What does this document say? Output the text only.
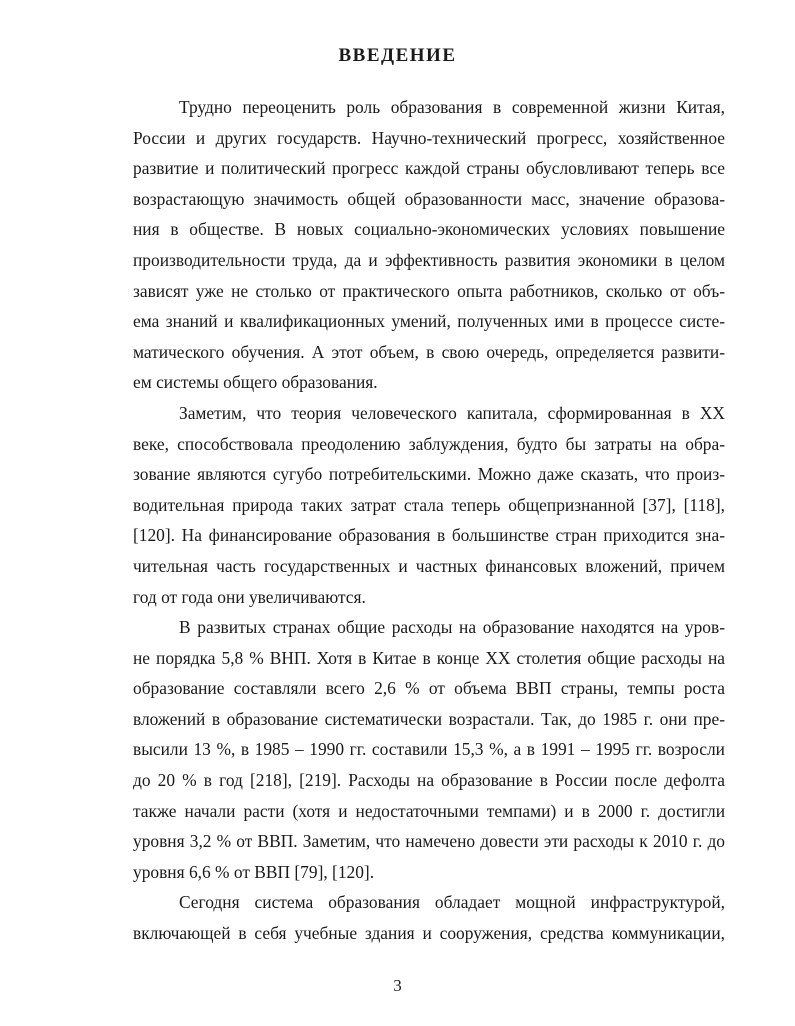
ВВЕДЕНИЕ
Трудно переоценить роль образования в современной жизни Китая,
России и других государств. Научно-технический прогресс, хозяйственное
развитие и политический прогресс каждой страны обусловливают теперь все
возрастающую значимость общей образованности масс, значение образова-
ния в обществе. В новых социально-экономических условиях повышение
производительности труда, да и эффективность развития экономики в целом
зависят уже не столько от практического опыта работников, сколько от объ-
ема знаний и квалификационных умений, полученных ими в процессе систе-
матического обучения. А этот объем, в свою очередь, определяется развити-
ем системы общего образования.
Заметим, что теория человеческого капитала, сформированная в XX
веке, способствовала преодолению заблуждения, будто бы затраты на обра-
зование являются сугубо потребительскими. Можно даже сказать, что произ-
водительная природа таких затрат стала теперь общепризнанной [37], [118],
[120]. На финансирование образования в большинстве стран приходится зна-
чительная часть государственных и частных финансовых вложений, причем
год от года они увеличиваются.
В развитых странах общие расходы на образование находятся на уров-
не порядка 5,8 % ВНП. Хотя в Китае в конце XX столетия общие расходы на
образование составляли всего 2,6 % от объема ВВП страны, темпы роста
вложений в образование систематически возрастали. Так, до 1985 г. они пре-
высили 13 %, в 1985 – 1990 гг. составили 15,3 %, а в 1991 – 1995 гг. возросли
до 20 % в год [218], [219]. Расходы на образование в России после дефолта
также начали расти (хотя и недостаточными темпами) и в 2000 г. достигли
уровня 3,2 % от ВВП. Заметим, что намечено довести эти расходы к 2010 г. до
уровня 6,6 % от ВВП [79], [120].
Сегодня система образования обладает мощной инфраструктурой,
включающей в себя учебные здания и сооружения, средства коммуникации,
3
